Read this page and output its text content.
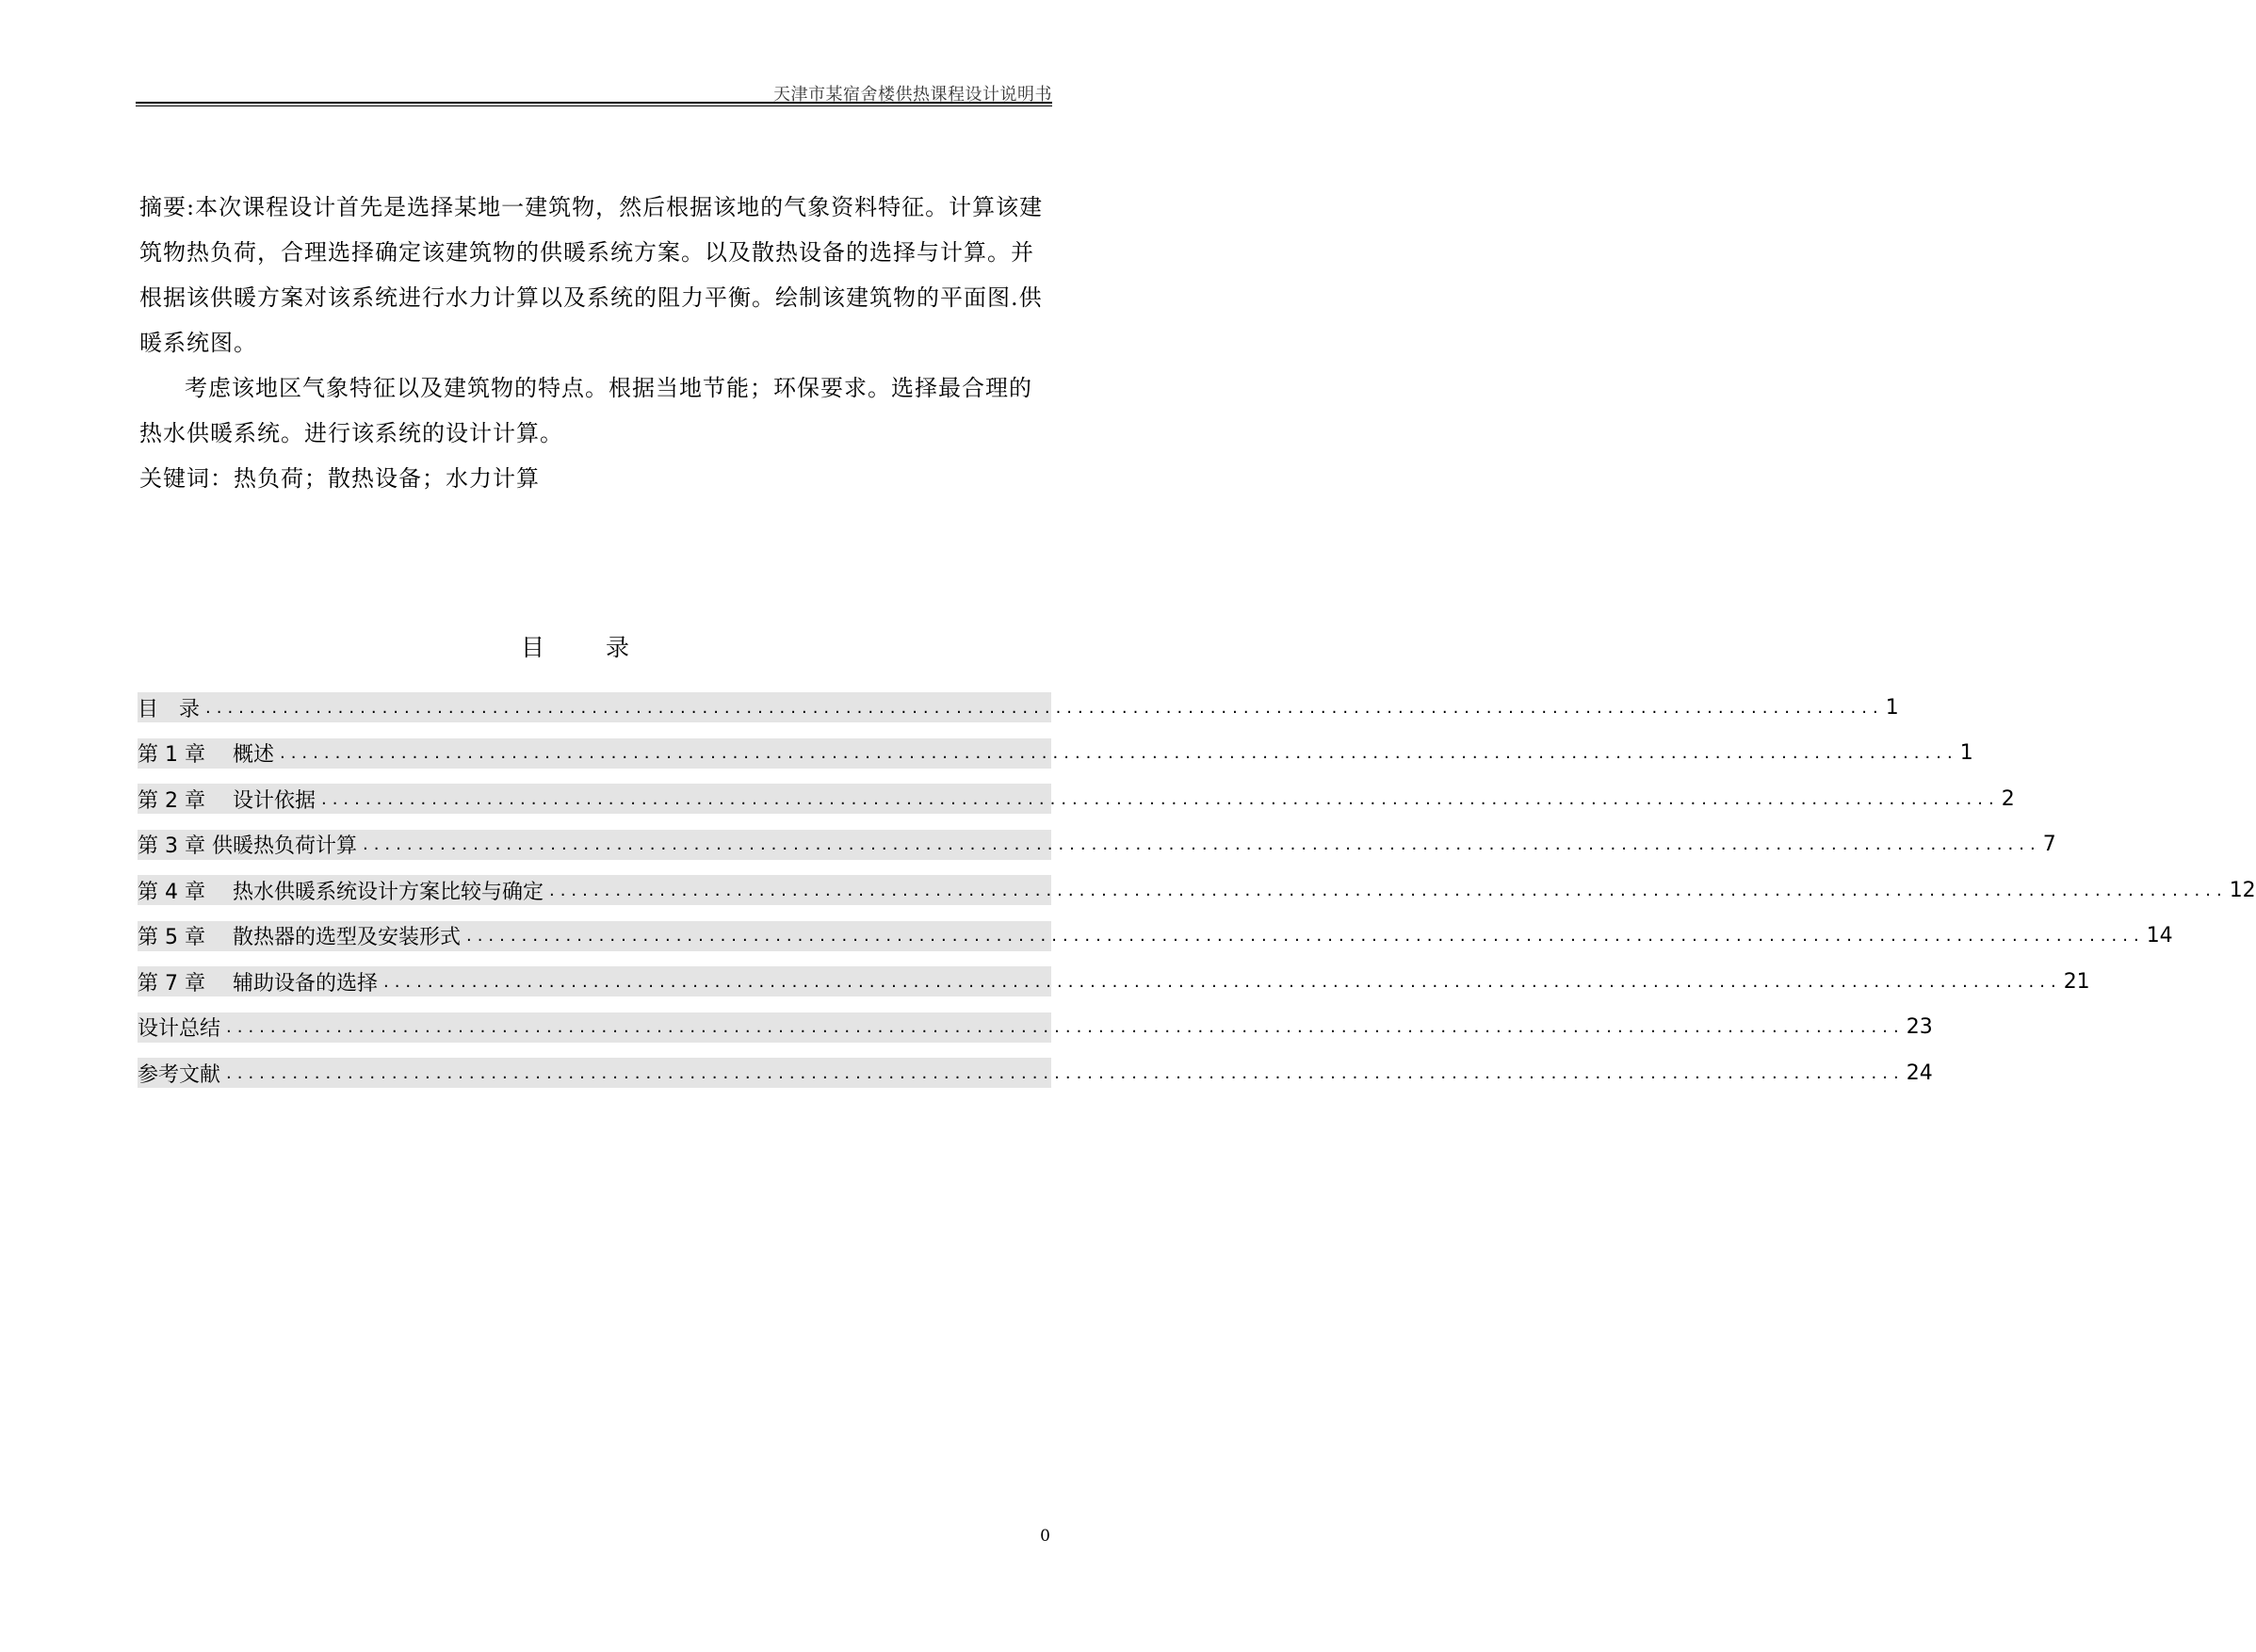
天津市某宿舍楼供热课程设计说明书

摘要:本次课程设计首先是选择某地一建筑物，然后根据该地的气象资料特征。计算该建筑物热负荷，合理选择确定该建筑物的供暖系统方案。以及散热设备的选择与计算。并根据该供暖方案对该系统进行水力计算以及系统的阻力平衡。绘制该建筑物的平面图.供暖系统图。

考虑该地区气象特征以及建筑物的特点。根据当地节能；环保要求。选择最合理的热水供暖系统。进行该系统的设计计算。

关键词：热负荷；散热设备；水力计算

目　录
目　录 ........................................................................................................................................................ 1
第 1 章　 概述 ........................................................................................................................................................ 1
第 2 章　 设计依据 ........................................................................................................................................................ 2
第 3 章 供暖热负荷计算 ........................................................................................................................................................ 7
第 4 章　 热水供暖系统设计方案比较与确定 ........................................................................................................................................................ 12
第 5 章　 散热器的选型及安装形式 ........................................................................................................................................................ 14
第 7 章　 辅助设备的选择 ........................................................................................................................................................ 21
设计总结 ........................................................................................................................................................ 23
参考文献 ........................................................................................................................................................ 24
0
